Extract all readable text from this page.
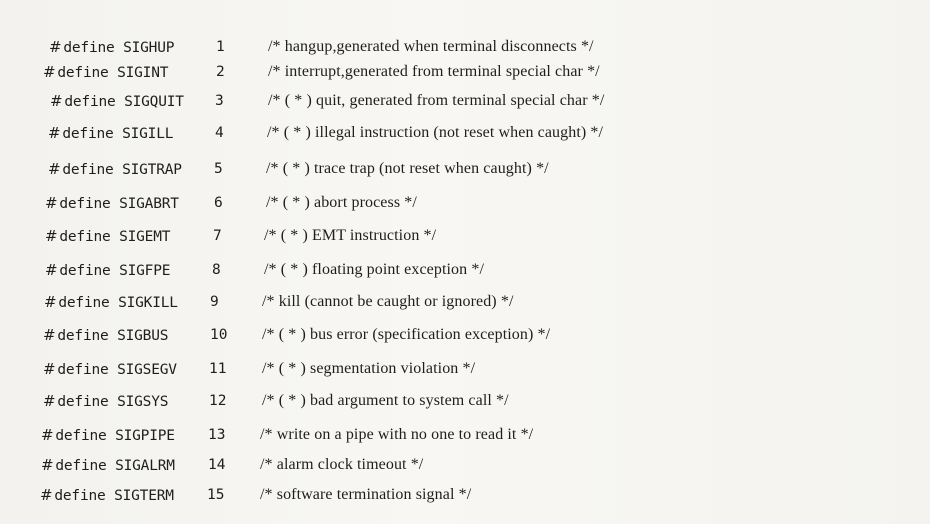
# define SIGHUP	1	/* hangup,generated when terminal disconnects */
# define SIGINT	2	/* interrupt,generated from terminal special char */
# define SIGQUIT 3	/* ( * ) quit, generated from terminal special char */
# define SIGILL	4	/* ( * ) illegal instruction (not reset when caught) */
# define SIGTRAP 5	/* ( * ) trace trap (not reset when caught) */
# define SIGABRT 6	/* ( * ) abort process */
# define SIGEMT	7	/* ( * ) EMT instruction */
# define SIGFPE	8	/* ( * ) floating point exception */
# define SIGKILL 9	/* kill (cannot be caught or ignored) */
# define SIGBUS	10 /* ( * ) bus error (specification exception) */
# define SIGSEGV 11 /* ( * ) segmentation violation */
# define SIGSYS	12 /* ( * ) bad argument to system call */
# define SIGPIPE 13 /* write on a pipe with no one to read it */
# define SIGALRM 14 /* alarm clock timeout */
# define SIGTERM 15 /* software termination signal */
